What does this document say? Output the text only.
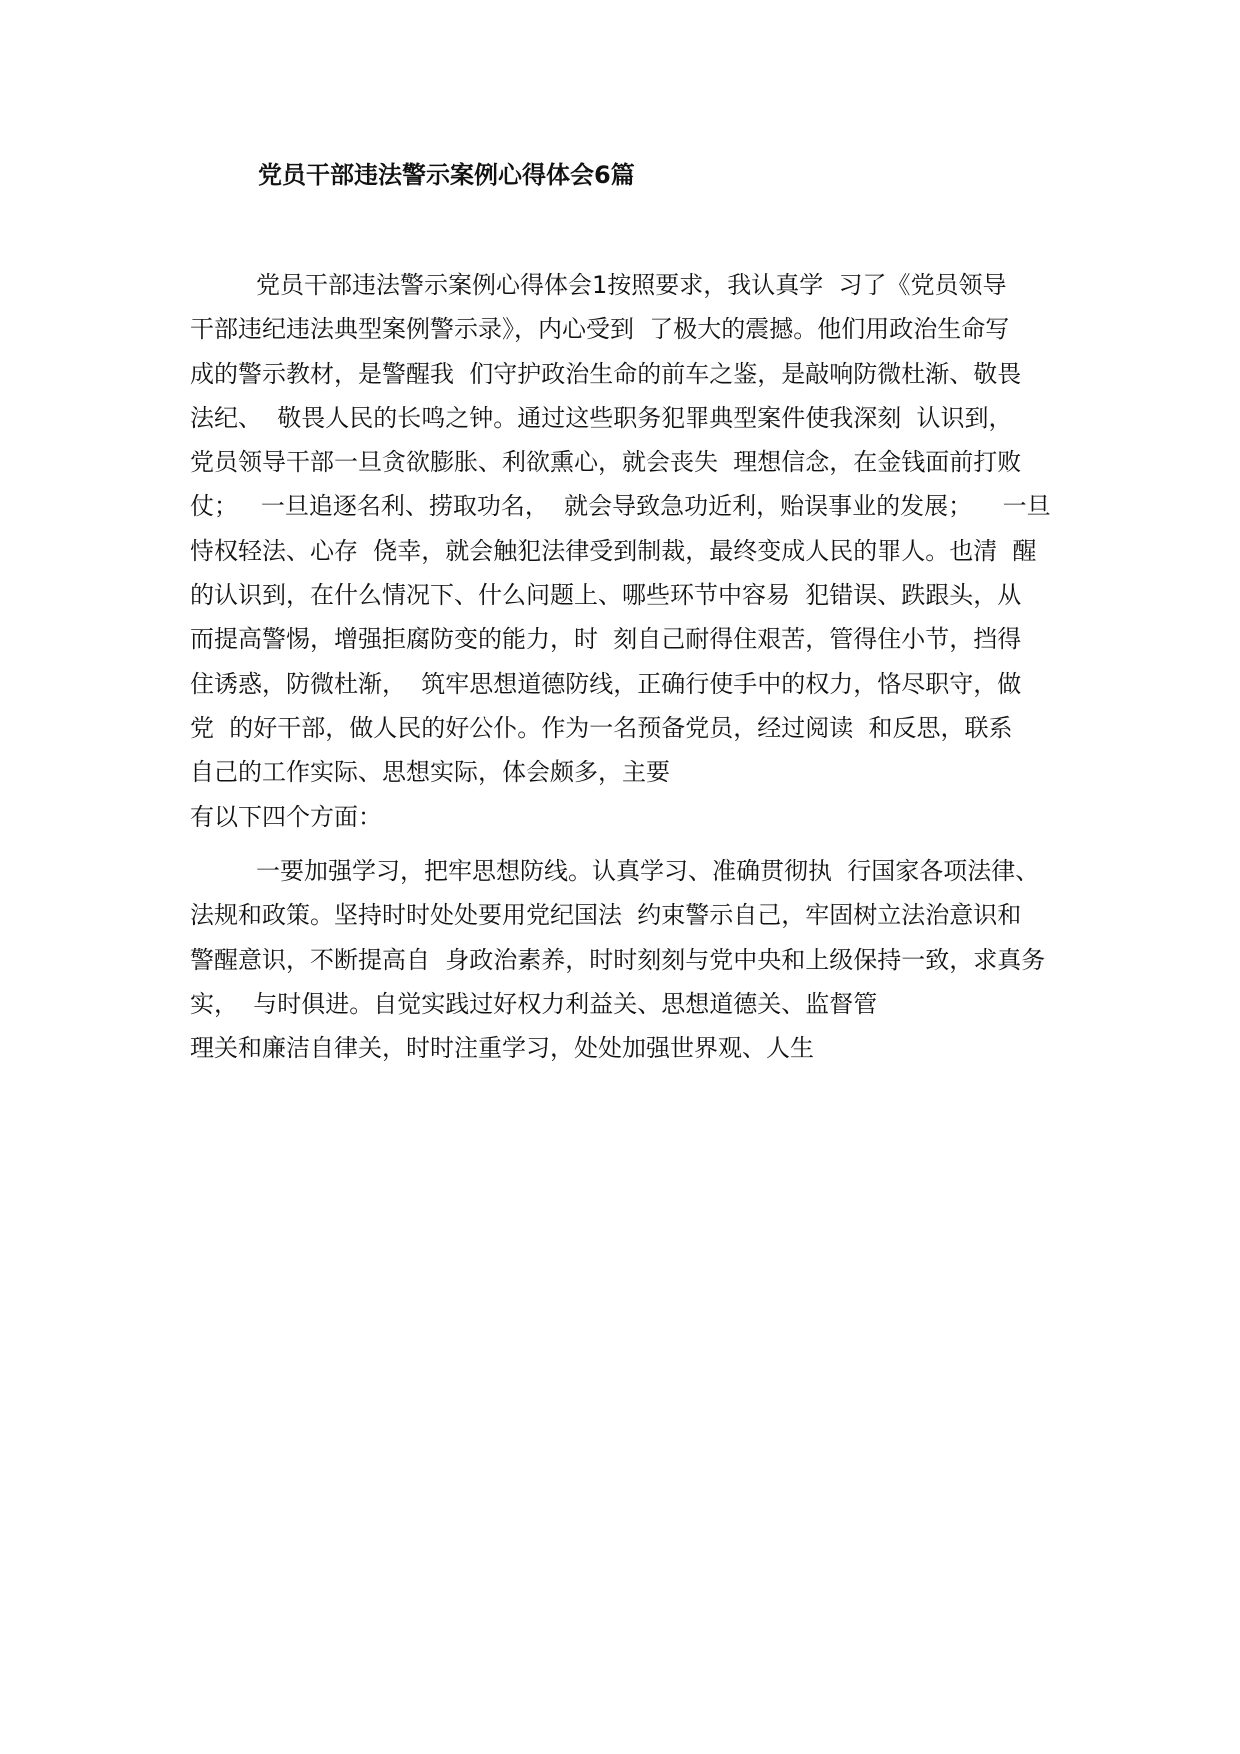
党员干部违法警示案例心得体会6篇
党员干部违法警示案例心得体会1按照要求，我认真学  习了《党员领导
干部违纪违法典型案例警示录》，内心受到  了极大的震撼。他们用政治生命写
成的警示教材，是警醒我  们守护政治生命的前车之鉴，是敲响防微杜渐、敬畏
法纪、  敬畏人民的长鸣之钟。通过这些职务犯罪典型案件使我深刻  认识到，
党员领导干部一旦贪欲膨胀、利欲熏心，就会丧失  理想信念，在金钱面前打败
仗；   一旦追逐名利、捞取功名，  就会导致急功近利，贻误事业的发展；    一旦
恃权轻法、心存  侥幸，就会触犯法律受到制裁，最终变成人民的罪人。也清  醒
的认识到，在什么情况下、什么问题上、哪些环节中容易  犯错误、跌跟头，从
而提高警惕，增强拒腐防变的能力，时  刻自己耐得住艰苦，管得住小节，挡得
住诱惑，防微杜渐，  筑牢思想道德防线，正确行使手中的权力，恪尽职守，做
党  的好干部，做人民的好公仆。作为一名预备党员，经过阅读  和反思，联系
自己的工作实际、思想实际，体会颇多，主要
有以下四个方面：
一要加强学习，把牢思想防线。认真学习、准确贯彻执  行国家各项法律、
法规和政策。坚持时时处处要用党纪国法  约束警示自己，牢固树立法治意识和
警醒意识，不断提高自  身政治素养，时时刻刻与党中央和上级保持一致，求真务
实，  与时俱进。自觉实践过好权力利益关、思想道德关、监督管
理关和廉洁自律关，时时注重学习，处处加强世界观、人生
